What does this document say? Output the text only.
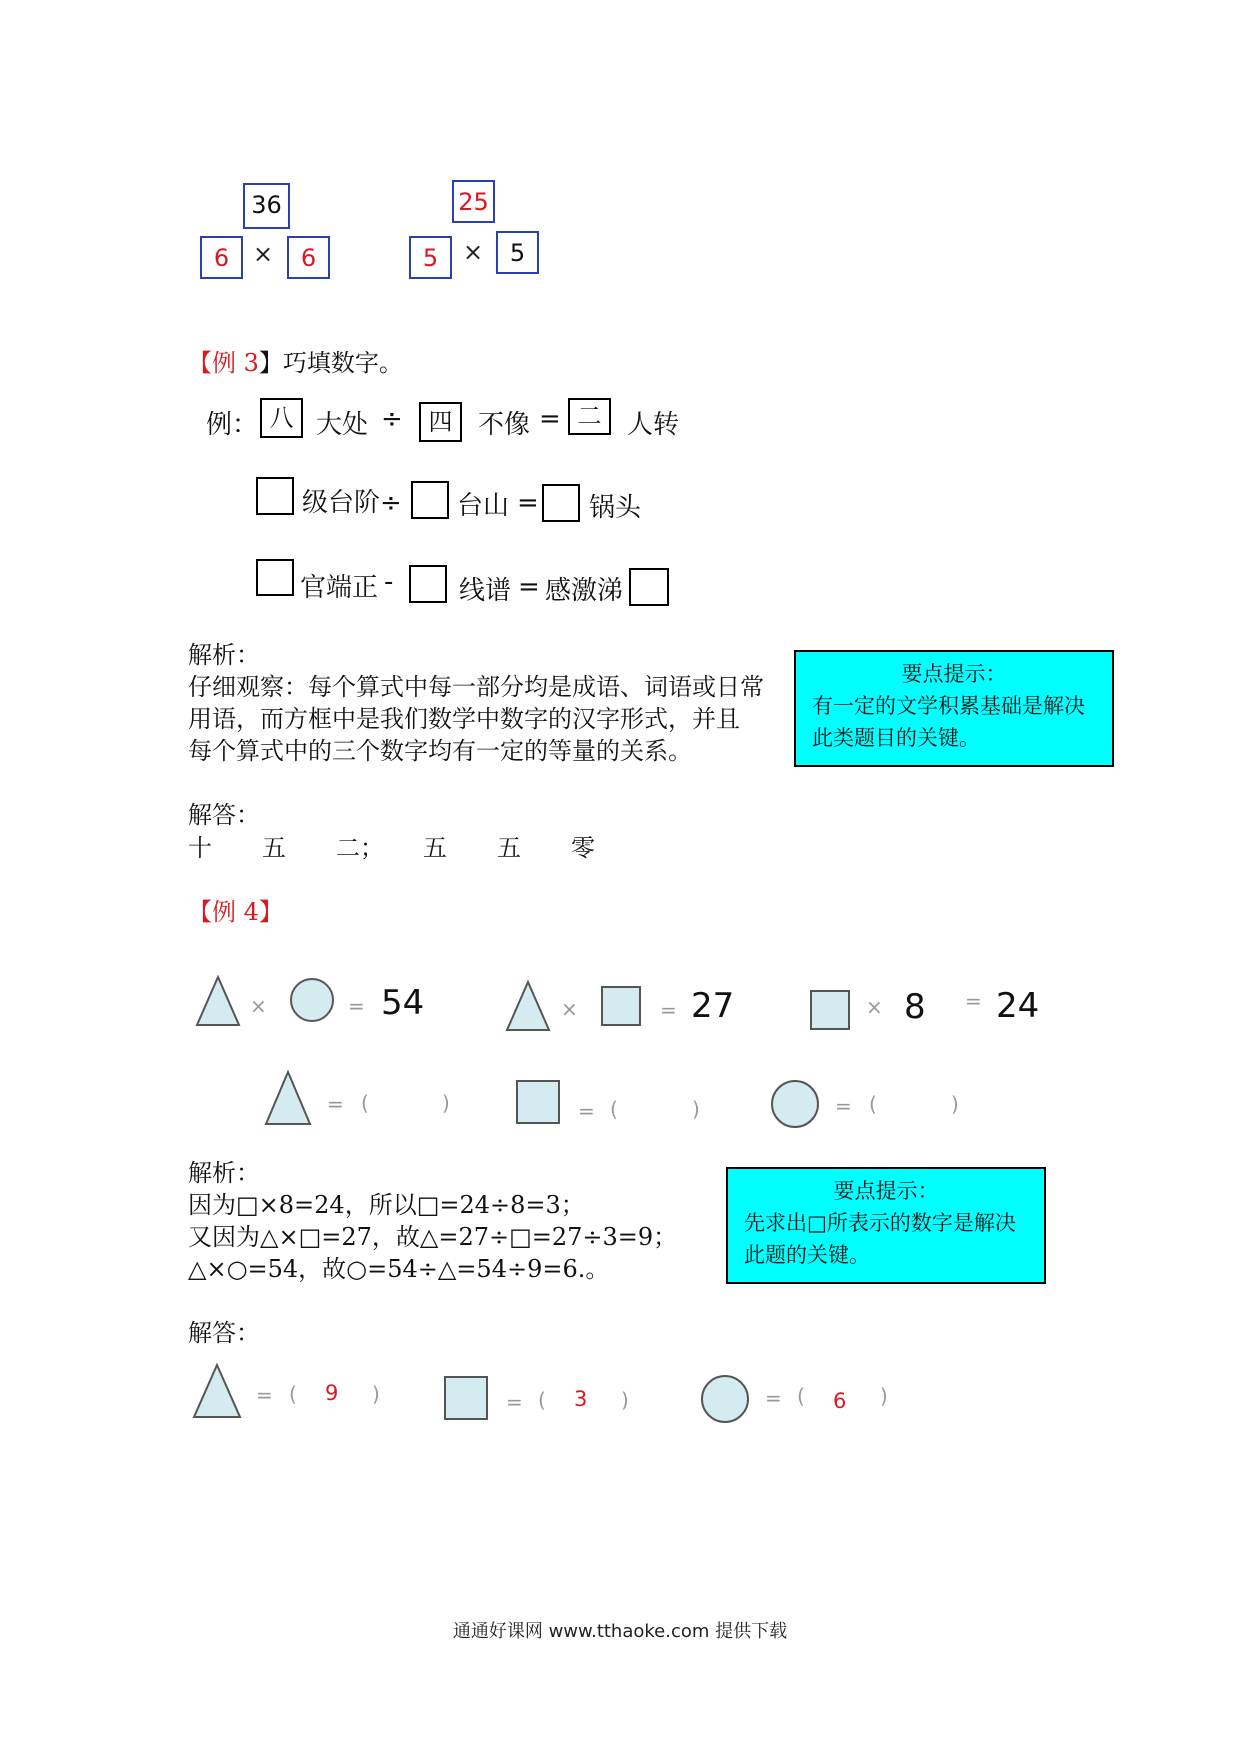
36
6 ×	6
25
5	×	5
【例 3】巧填数字。
例： 八 大处 ÷	四 不像 = 二 人转
级台阶÷ 台山 = 锅头
官端正 -	线谱 = 感激涕
解析：
仔细观察：每个算式中每一部分均是成语、词语或日常
用语，而方框中是我们数学中数字的汉字形式，并且
每个算式中的三个数字均有一定的等量的关系。
要点提示：
有一定的文学积累基础是解决
此类题目的关键。
解答：
十 五 二； 五 五 零
【例 4】
×	= 54	×	= 27	× 8 = 24
= (	)	= (	)	= (	)
解析：
因为□×8=24，所以□=24÷8=3；
又因为△×□=27，故△=27÷□=27÷3=9；
△×○=54，故○=54÷△=54÷9=6.。
要点提示：
先求出□所表示的数字是解决
此题的关键。
解答：
= ( 9 )	= ( 3 )	= ( 6 )
通通好课网 www.tthaoke.com 提供下载
